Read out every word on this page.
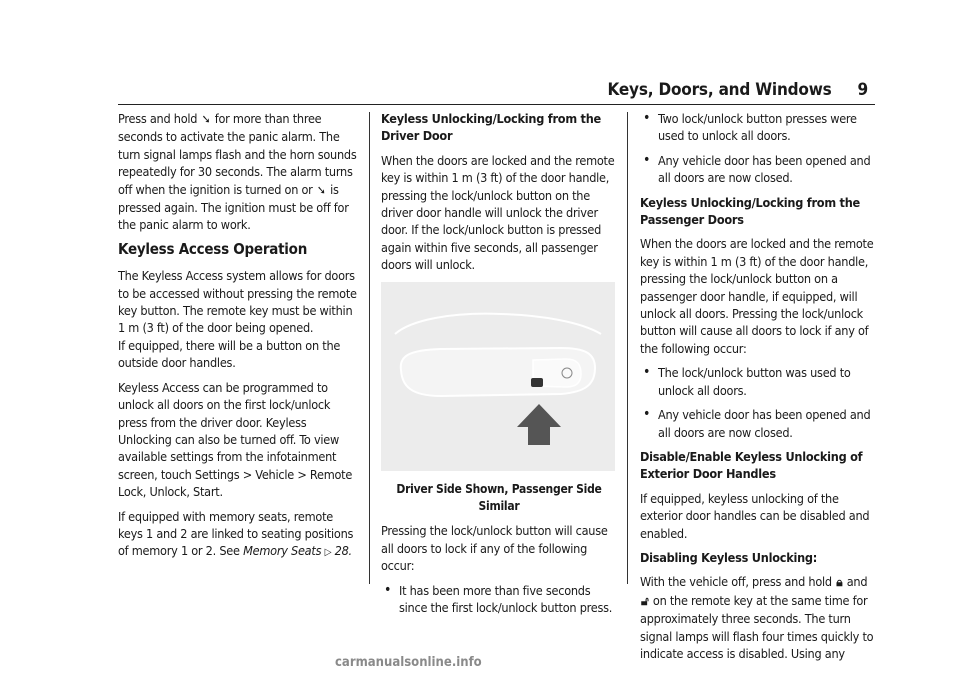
Keys, Doors, and Windows 9

Press and hold ➘ for more than three seconds to activate the panic alarm. The turn signal lamps flash and the horn sounds repeatedly for 30 seconds. The alarm turns off when the ignition is turned on or ➘ is pressed again. The ignition must be off for the panic alarm to work.

Keyless Access Operation

The Keyless Access system allows for doors to be accessed without pressing the remote key button. The remote key must be within 1 m (3 ft) of the door being opened.

If equipped, there will be a button on the outside door handles.

Keyless Access can be programmed to unlock all doors on the first lock/unlock press from the driver door. Keyless Unlocking can also be turned off. To view available settings from the infotainment screen, touch Settings > Vehicle > Remote Lock, Unlock, Start.

If equipped with memory seats, remote keys 1 and 2 are linked to seating positions of memory 1 or 2. See Memory Seats ▷ 28.

Keyless Unlocking/Locking from the Driver Door

When the doors are locked and the remote key is within 1 m (3 ft) of the door handle, pressing the lock/unlock button on the driver door handle will unlock the driver door. If the lock/unlock button is pressed again within five seconds, all passenger doors will unlock.

Driver Side Shown, Passenger Side Similar

Pressing the lock/unlock button will cause all doors to lock if any of the following occur:

• It has been more than five seconds since the first lock/unlock button press.

• Two lock/unlock button presses were used to unlock all doors.

• Any vehicle door has been opened and all doors are now closed.

Keyless Unlocking/Locking from the Passenger Doors

When the doors are locked and the remote key is within 1 m (3 ft) of the door handle, pressing the lock/unlock button on a passenger door handle, if equipped, will unlock all doors. Pressing the lock/unlock button will cause all doors to lock if any of the following occur:

• The lock/unlock button was used to unlock all doors.

• Any vehicle door has been opened and all doors are now closed.

Disable/Enable Keyless Unlocking of Exterior Door Handles

If equipped, keyless unlocking of the exterior door handles can be disabled and enabled.

Disabling Keyless Unlocking:

With the vehicle off, press and hold 🔒︎ and 🔓︎ on the remote key at the same time for approximately three seconds. The turn signal lamps will flash four times quickly to indicate access is disabled. Using any

carmanualsonline.info
